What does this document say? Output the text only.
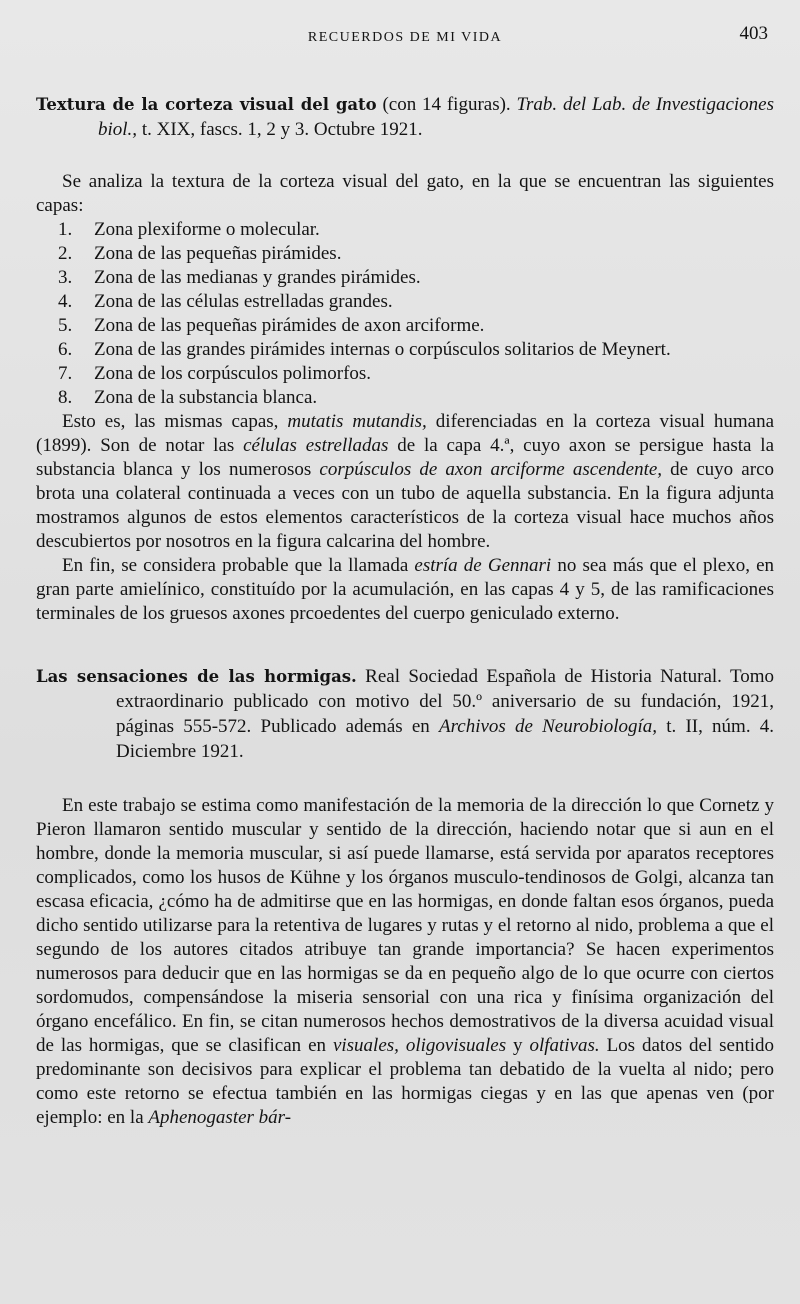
RECUERDOS DE MI VIDA	403
Textura de la corteza visual del gato (con 14 figuras). Trab. del Lab. de Investigaciones biol., t. XIX, fascs. 1, 2 y 3. Octubre 1921.

Se analiza la textura de la corteza visual del gato, en la que se encuentran las siguientes capas:

1. Zona plexiforme o molecular.
2. Zona de las pequeñas pirámides.
3. Zona de las medianas y grandes pirámides.
4. Zona de las células estrelladas grandes.
5. Zona de las pequeñas pirámides de axon arciforme.
6. Zona de las grandes pirámides internas o corpúsculos solitarios de Meynert.
7. Zona de los corpúsculos polimorfos.
8. Zona de la substancia blanca.

Esto es, las mismas capas, mutatis mutandis, diferenciadas en la corteza visual humana (1899). Son de notar las células estrelladas de la capa 4.ª, cuyo axon se persigue hasta la substancia blanca y los numerosos corpúsculos de axon arciforme ascendente, de cuyo arco brota una colateral continuada a veces con un tubo de aquella substancia. En la figura adjunta mostramos algunos de estos elementos característicos de la corteza visual hace muchos años descubiertos por nosotros en la figura calcarina del hombre.

En fin, se considera probable que la llamada estría de Gennari no sea más que el plexo, en gran parte amielínico, constituído por la acumulación, en las capas 4 y 5, de las ramificaciones terminales de los gruesos axones prcoedentes del cuerpo geniculado externo.

Las sensaciones de las hormigas. Real Sociedad Española de Historia Natural. Tomo extraordinario publicado con motivo del 50.º aniversario de su fundación, 1921, páginas 555-572. Publicado además en Archivos de Neurobiología, t. II, núm. 4. Diciembre 1921.

En este trabajo se estima como manifestación de la memoria de la dirección lo que Cornetz y Pieron llamaron sentido muscular y sentido de la dirección, haciendo notar que si aun en el hombre, donde la memoria muscular, si así puede llamarse, está servida por aparatos receptores complicados, como los husos de Kühne y los órganos musculo-tendinosos de Golgi, alcanza tan escasa eficacia, ¿cómo ha de admitirse que en las hormigas, en donde faltan esos órganos, pueda dicho sentido utilizarse para la retentiva de lugares y rutas y el retorno al nido, problema a que el segundo de los autores citados atribuye tan grande importancia? Se hacen experimentos numerosos para deducir que en las hormigas se da en pequeño algo de lo que ocurre con ciertos sordomudos, compensándose la miseria sensorial con una rica y finísima organización del órgano encefálico. En fin, se citan numerosos hechos demostrativos de la diversa acuidad visual de las hormigas, que se clasifican en visuales, oligovisuales y olfativas. Los datos del sentido predominante son decisivos para explicar el problema tan debatido de la vuelta al nido; pero como este retorno se efectua también en las hormigas ciegas y en las que apenas ven (por ejemplo: en la Aphenogaster bár-
